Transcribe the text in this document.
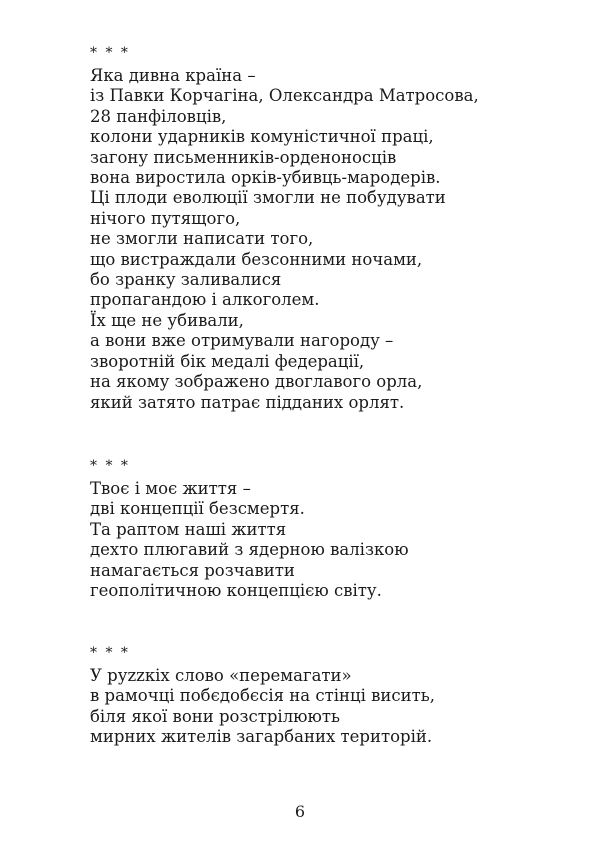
* * *
Яка дивна країна –
із Павки Корчагіна, Олександра Матросова,
28 панфіловців,
колони ударників комуністичної праці,
загону письменників-орденоносців
вона виростила орків-убивць-мародерів.
Ці плоди еволюції змогли не побудувати
нічого путящого,
не змогли написати того,
що вистраждали безсонними ночами,
бо зранку заливалися
пропагандою і алкоголем.
Їх ще не убивали,
а вони вже отримували нагороду –
зворотній бік медалі федерації,
на якому зображено двоглавого орла,
який затято патрає підданих орлят.
* * *
Твоє і моє життя –
дві концепції безсмертя.
Та раптом наші життя
дехто плюгавий з ядерною валізкою
намагається розчавити
геополітичною концепцією світу.
* * *
У руzzкіх слово «перемагати»
в рамочці побєдобєсія на стінці висить,
біля якої вони розстрілюють
мирних жителів загарбаних територій.
6
